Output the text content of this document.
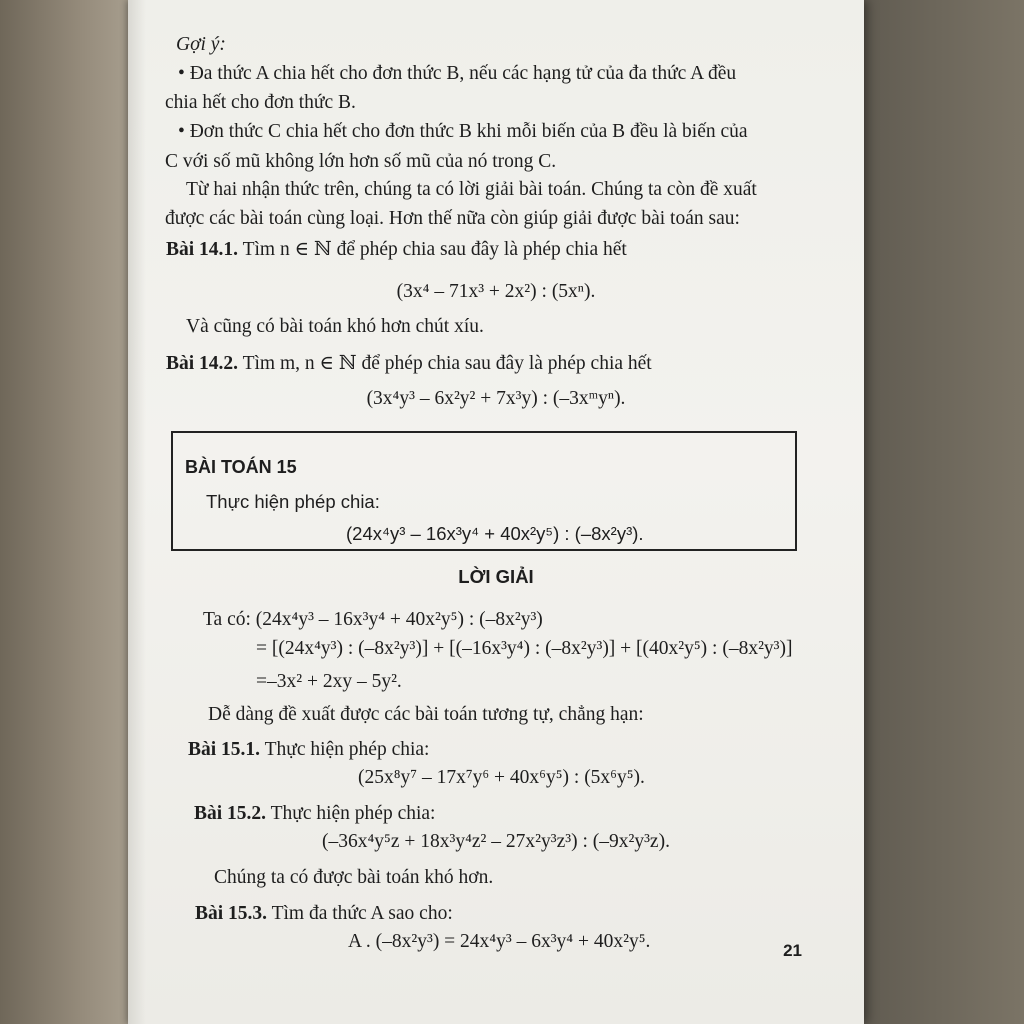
Gợi ý:
• Đa thức A chia hết cho đơn thức B, nếu các hạng tử của đa thức A đều
chia hết cho đơn thức B.
• Đơn thức C chia hết cho đơn thức B khi mỗi biến của B đều là biến của
C với số mũ không lớn hơn số mũ của nó trong C.
Từ hai nhận thức trên, chúng ta có lời giải bài toán. Chúng ta còn đề xuất
được các bài toán cùng loại. Hơn thế nữa còn giúp giải được bài toán sau:
Bài 14.1. Tìm n ∈ ℕ để phép chia sau đây là phép chia hết
(3x⁴ – 71x³ + 2x²) : (5xⁿ).
Và cũng có bài toán khó hơn chút xíu.
Bài 14.2. Tìm m, n ∈ ℕ để phép chia sau đây là phép chia hết
(3x⁴y³ – 6x²y² + 7x³y) : (–3xᵐyⁿ).
BÀI TOÁN 15
Thực hiện phép chia:
(24x⁴y³ – 16x³y⁴ + 40x²y⁵) : (–8x²y³).
LỜI GIẢI
Ta có: (24x⁴y³ – 16x³y⁴ + 40x²y⁵) : (–8x²y³)
= [(24x⁴y³) : (–8x²y³)] + [(–16x³y⁴) : (–8x²y³)] + [(40x²y⁵) : (–8x²y³)]
=–3x² + 2xy – 5y².
Dễ dàng đề xuất được các bài toán tương tự, chẳng hạn:
Bài 15.1. Thực hiện phép chia:
(25x⁸y⁷ – 17x⁷y⁶ + 40x⁶y⁵) : (5x⁶y⁵).
Bài 15.2. Thực hiện phép chia:
(–36x⁴y⁵z + 18x³y⁴z² – 27x²y³z³) : (–9x²y³z).
Chúng ta có được bài toán khó hơn.
Bài 15.3. Tìm đa thức A sao cho:
A . (–8x²y³) = 24x⁴y³ – 6x³y⁴ + 40x²y⁵.	21
